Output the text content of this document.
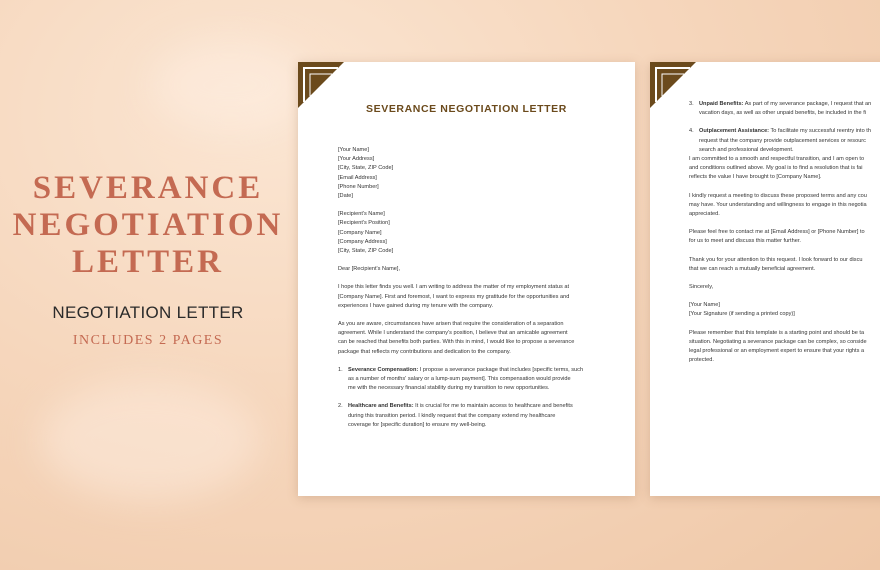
SEVERANCE
NEGOTIATION
LETTER
NEGOTIATION LETTER
INCLUDES 2 PAGES
SEVERANCE NEGOTIATION LETTER
[Your Name]
[Your Address]
[City, State, ZIP Code]
[Email Address]
[Phone Number]
[Date]
[Recipient's Name]
[Recipient's Position]
[Company Name]
[Company Address]
[City, State, ZIP Code]
Dear [Recipient's Name],
I hope this letter finds you well. I am writing to address the matter of my employment status at
[Company Name]. First and foremost, I want to express my gratitude for the opportunities and
experiences I have gained during my tenure with the company.
As you are aware, circumstances have arisen that require the consideration of a separation
agreement. While I understand the company's position, I believe that an amicable agreement
can be reached that benefits both parties. With this in mind, I would like to propose a severance
package that reflects my contributions and dedication to the company.
1. Severance Compensation: I propose a severance package that includes [specific terms, such
as a number of months' salary or a lump-sum payment]. This compensation would provide
me with the necessary financial stability during my transition to new opportunities.
2. Healthcare and Benefits: It is crucial for me to maintain access to healthcare and benefits
during this transition period. I kindly request that the company extend my healthcare
coverage for [specific duration] to ensure my well-being.
3. Unpaid Benefits: As part of my severance package, I request that an
vacation days, as well as other unpaid benefits, be included in the fi
4. Outplacement Assistance: To facilitate my successful reentry into th
request that the company provide outplacement services or resourc
search and professional development.
I am committed to a smooth and respectful transition, and I am open to
and conditions outlined above. My goal is to find a resolution that is fai
reflects the value I have brought to [Company Name].
I kindly request a meeting to discuss these proposed terms and any cou
may have. Your understanding and willingness to engage in this negotia
appreciated.
Please feel free to contact me at [Email Address] or [Phone Number] to
for us to meet and discuss this matter further.
Thank you for your attention to this request. I look forward to our discu
that we can reach a mutually beneficial agreement.
Sincerely,
[Your Name]
[Your Signature (if sending a printed copy)]
Please remember that this template is a starting point and should be ta
situation. Negotiating a severance package can be complex, so conside
legal professional or an employment expert to ensure that your rights a
protected.
